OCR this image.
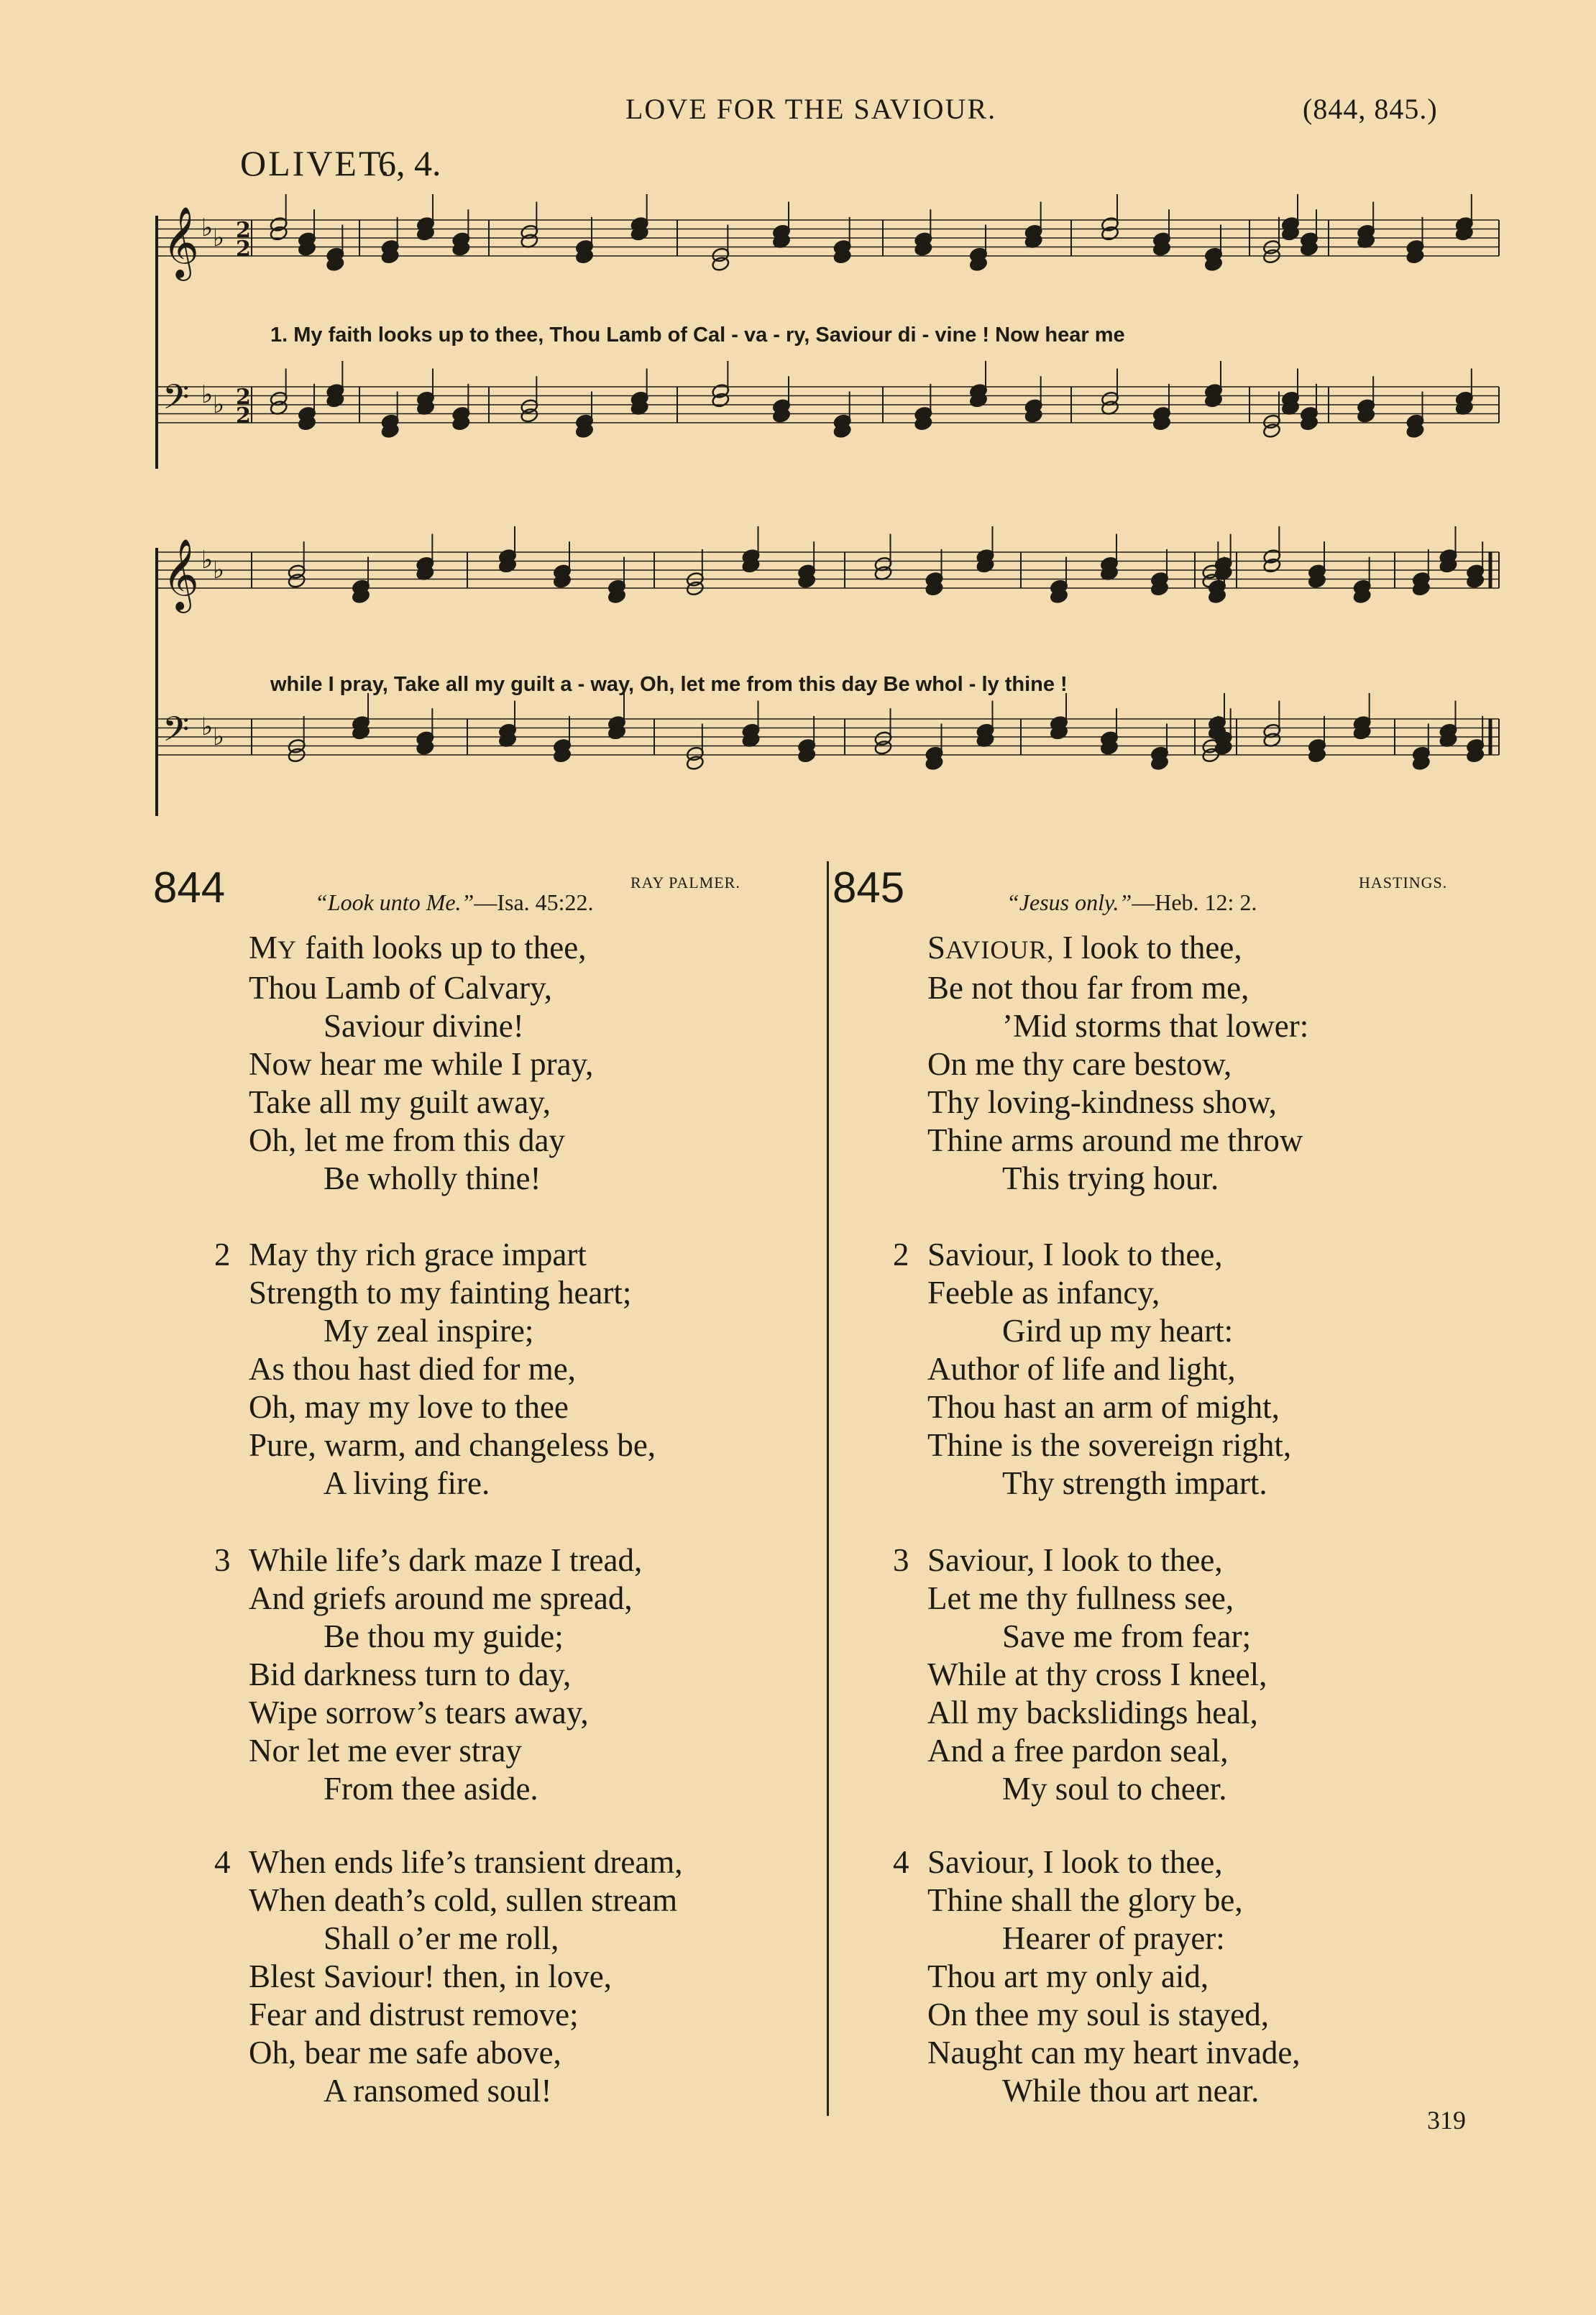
LOVE FOR THE SAVIOUR.	(844, 845.)
OLIVET.
6, 4.
𝄞 ♭ ♭ 2
2
𝄢 ♭ ♭ 2
2
𝄞 ♭ ♭
𝄢 ♭ ♭
1. My faith looks up to thee, Thou Lamb of Cal - va - ry, Saviour di - vine ! Now hear me
while I pray, Take all my guilt a - way, Oh, let me from this day Be whol - ly thine !
844	RAY PALMER.
“Look unto Me.”—Isa. 45:22.
MY faith looks up to thee,
Thou Lamb of Calvary,
Saviour divine!
Now hear me while I pray,
Take all my guilt away,
Oh, let me from this day
Be wholly thine!
2 May thy rich grace impart
Strength to my fainting heart;
My zeal inspire;
As thou hast died for me,
Oh, may my love to thee
Pure, warm, and changeless be,
A living fire.
3 While life’s dark maze I tread,
And griefs around me spread,
Be thou my guide;
Bid darkness turn to day,
Wipe sorrow’s tears away,
Nor let me ever stray
From thee aside.
4 When ends life’s transient dream,
When death’s cold, sullen stream
Shall o’er me roll,
Blest Saviour! then, in love,
Fear and distrust remove;
Oh, bear me safe above,
A ransomed soul!
845	HASTINGS.
“Jesus only.”—Heb. 12: 2.
SAVIOUR, I look to thee,
Be not thou far from me,
’Mid storms that lower:
On me thy care bestow,
Thy loving-kindness show,
Thine arms around me throw
This trying hour.
2 Saviour, I look to thee,
Feeble as infancy,
Gird up my heart:
Author of life and light,
Thou hast an arm of might,
Thine is the sovereign right,
Thy strength impart.
3 Saviour, I look to thee,
Let me thy fullness see,
Save me from fear;
While at thy cross I kneel,
All my backslidings heal,
And a free pardon seal,
My soul to cheer.
4 Saviour, I look to thee,
Thine shall the glory be,
Hearer of prayer:
Thou art my only aid,
On thee my soul is stayed,
Naught can my heart invade,
While thou art near.
319
